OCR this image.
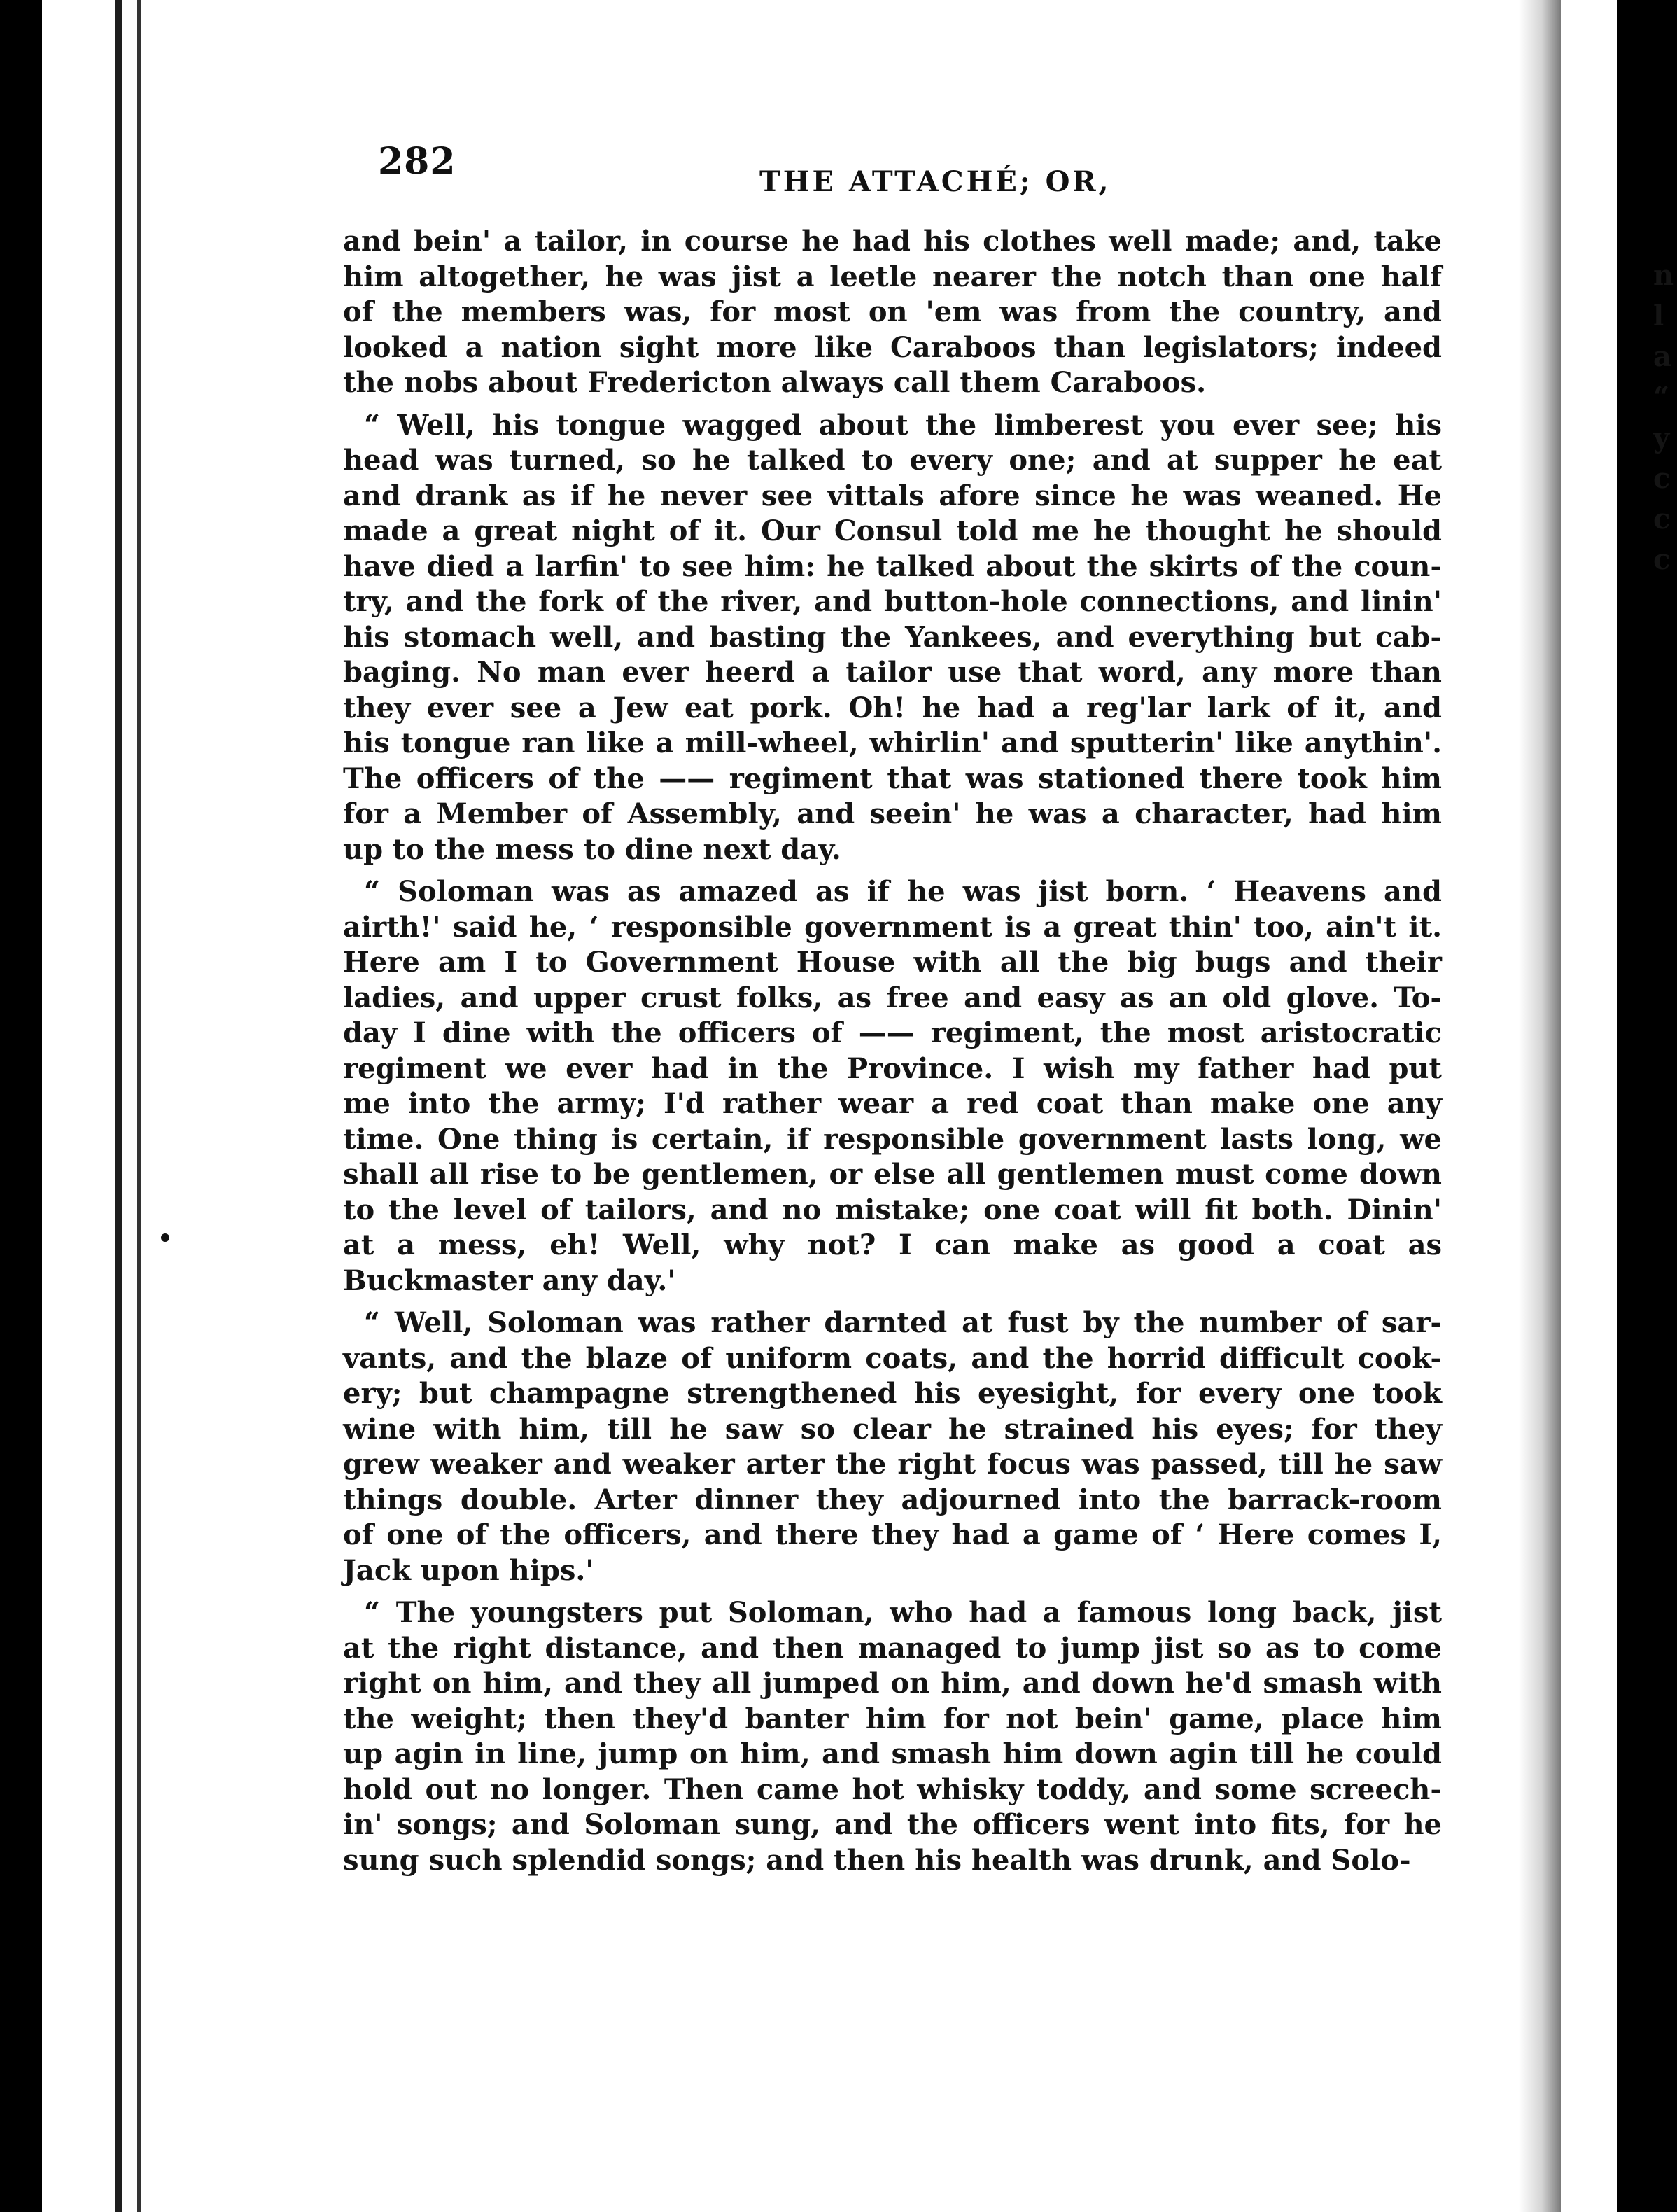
282	THE ATTACHÉ; OR,
and bein' a tailor, in course he had his clothes well made; and, take
him altogether, he was jist a leetle nearer the notch than one half
of the members was, for most on 'em was from the country, and
looked a nation sight more like Caraboos than legislators; indeed
the nobs about Fredericton always call them Caraboos.
“ Well, his tongue wagged about the limberest you ever see; his
head was turned, so he talked to every one; and at supper he eat
and drank as if he never see vittals afore since he was weaned. He
made a great night of it. Our Consul told me he thought he should
have died a larfin' to see him: he talked about the skirts of the coun-
try, and the fork of the river, and button-hole connections, and linin'
his stomach well, and basting the Yankees, and everything but cab-
baging. No man ever heerd a tailor use that word, any more than
they ever see a Jew eat pork. Oh! he had a reg'lar lark of it, and
his tongue ran like a mill-wheel, whirlin' and sputterin' like anythin'.
The officers of the —— regiment that was stationed there took him
for a Member of Assembly, and seein' he was a character, had him
up to the mess to dine next day.
“ Soloman was as amazed as if he was jist born. ‘ Heavens and
airth!' said he, ‘ responsible government is a great thin' too, ain't it.
Here am I to Government House with all the big bugs and their
ladies, and upper crust folks, as free and easy as an old glove. To-
day I dine with the officers of —— regiment, the most aristocratic
regiment we ever had in the Province. I wish my father had put
me into the army; I'd rather wear a red coat than make one any
time. One thing is certain, if responsible government lasts long, we
shall all rise to be gentlemen, or else all gentlemen must come down
to the level of tailors, and no mistake; one coat will fit both. Dinin'
at a mess, eh! Well, why not? I can make as good a coat as
Buckmaster any day.'
“ Well, Soloman was rather darnted at fust by the number of sar-
vants, and the blaze of uniform coats, and the horrid difficult cook-
ery; but champagne strengthened his eyesight, for every one took
wine with him, till he saw so clear he strained his eyes; for they
grew weaker and weaker arter the right focus was passed, till he saw
things double. Arter dinner they adjourned into the barrack-room
of one of the officers, and there they had a game of ‘ Here comes I,
Jack upon hips.'
“ The youngsters put Soloman, who had a famous long back, jist
at the right distance, and then managed to jump jist so as to come
right on him, and they all jumped on him, and down he'd smash with
the weight; then they'd banter him for not bein' game, place him
up agin in line, jump on him, and smash him down agin till he could
hold out no longer. Then came hot whisky toddy, and some screech-
in' songs; and Soloman sung, and the officers went into fits, for he
sung such splendid songs; and then his health was drunk, and Solo-
n
l
a
“
y
c
c
c
